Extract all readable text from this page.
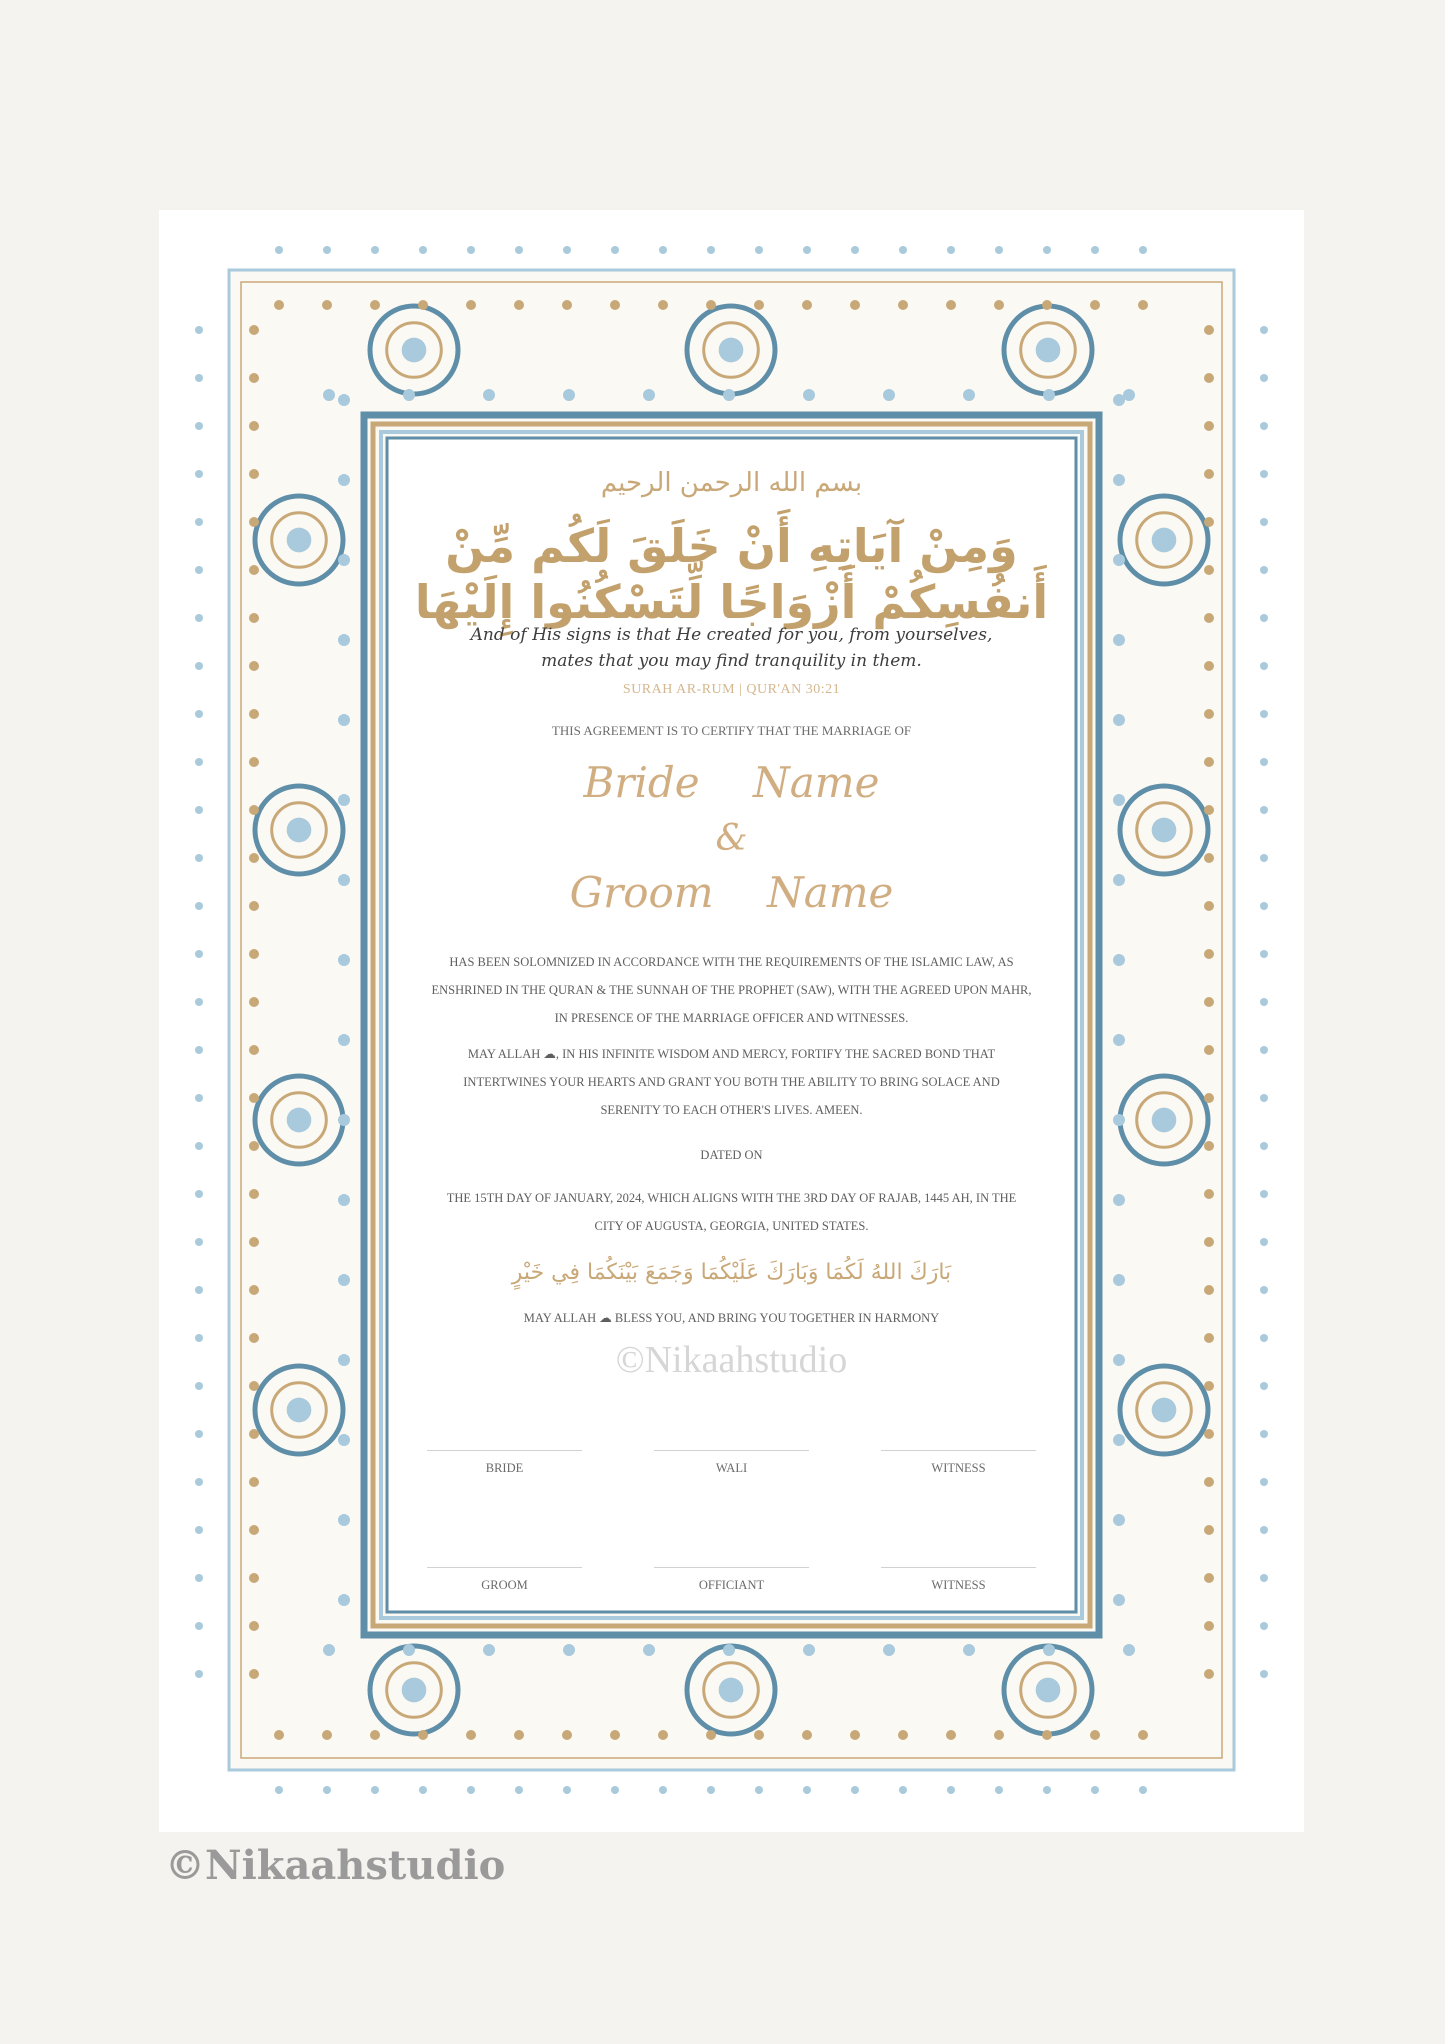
بسم الله الرحمن الرحيم
وَمِنْ آيَاتِهِ أَنْ خَلَقَ لَكُم مِّنْ أَنفُسِكُمْ أَزْوَاجًا لِّتَسْكُنُوا إِلَيْهَا
And of His signs is that He created for you, from yourselves,
mates that you may find tranquility in them.
SURAH AR-RUM | QUR'AN 30:21
THIS AGREEMENT IS TO CERTIFY THAT THE MARRIAGE OF
Bride Name
&
Groom Name
HAS BEEN SOLOMNIZED IN ACCORDANCE WITH THE REQUIREMENTS OF THE ISLAMIC LAW, AS ENSHRINED IN THE QURAN & THE SUNNAH OF THE PROPHET (SAW), WITH THE AGREED UPON MAHR, IN PRESENCE OF THE MARRIAGE OFFICER AND WITNESSES.
MAY ALLAH ☁, IN HIS INFINITE WISDOM AND MERCY, FORTIFY THE SACRED BOND THAT INTERTWINES YOUR HEARTS AND GRANT YOU BOTH THE ABILITY TO BRING SOLACE AND SERENITY TO EACH OTHER'S LIVES. AMEEN.
DATED ON
THE 15TH DAY OF JANUARY, 2024, WHICH ALIGNS WITH THE 3RD DAY OF RAJAB, 1445 AH, IN THE CITY OF AUGUSTA, GEORGIA, UNITED STATES.
بَارَكَ اللهُ لَكُمَا وَبَارَكَ عَلَيْكُمَا وَجَمَعَ بَيْنَكُمَا فِي خَيْرٍ
MAY ALLAH ☁ BLESS YOU, AND BRING YOU TOGETHER IN HARMONY
©Nikaahstudio
BRIDE	WALI	WITNESS
GROOM	OFFICIANT	WITNESS
©Nikaahstudio
